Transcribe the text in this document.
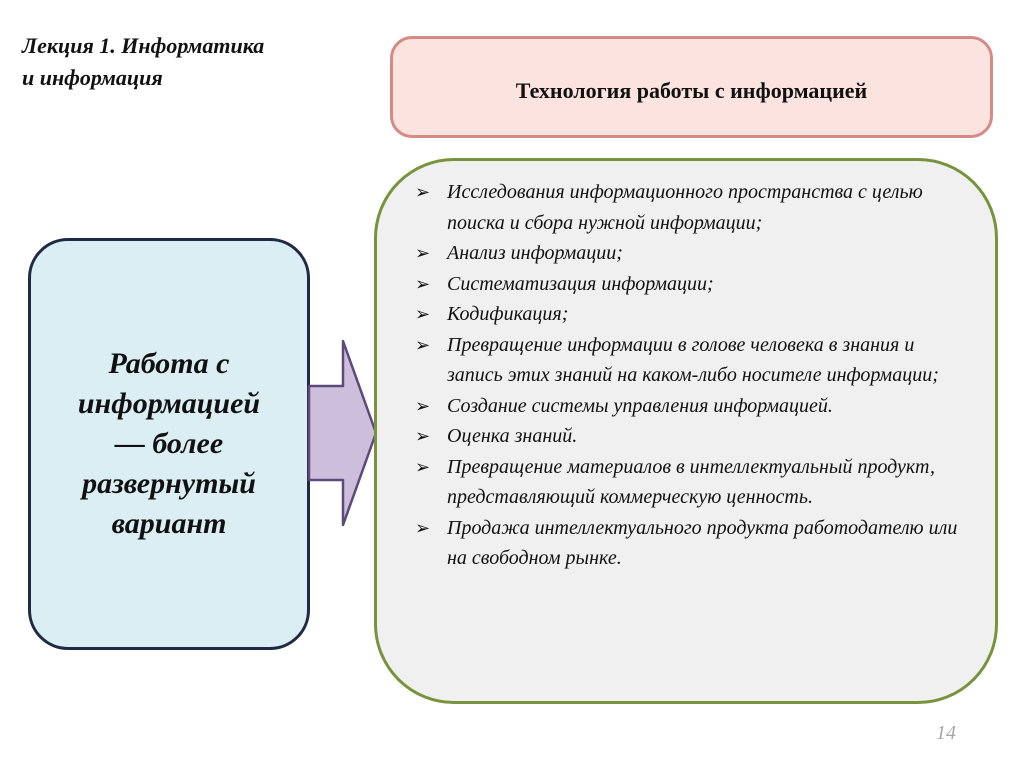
Лекция 1. Информатика
и информация
Технология работы с информацией
Работа с
информацией
— более
развернутый
вариант
➢ Исследования информационного пространства с целью поиска и сбора нужной информации;
➢ Анализ информации;
➢ Систематизация информации;
➢ Кодификация;
➢ Превращение информации в голове человека в знания и запись этих знаний на каком-либо носителе информации;
➢ Создание системы управления информацией.
➢ Оценка знаний.
➢ Превращение материалов в интеллектуальный продукт, представляющий коммерческую ценность.
➢ Продажа интеллектуального продукта работодателю или на свободном рынке.
14
